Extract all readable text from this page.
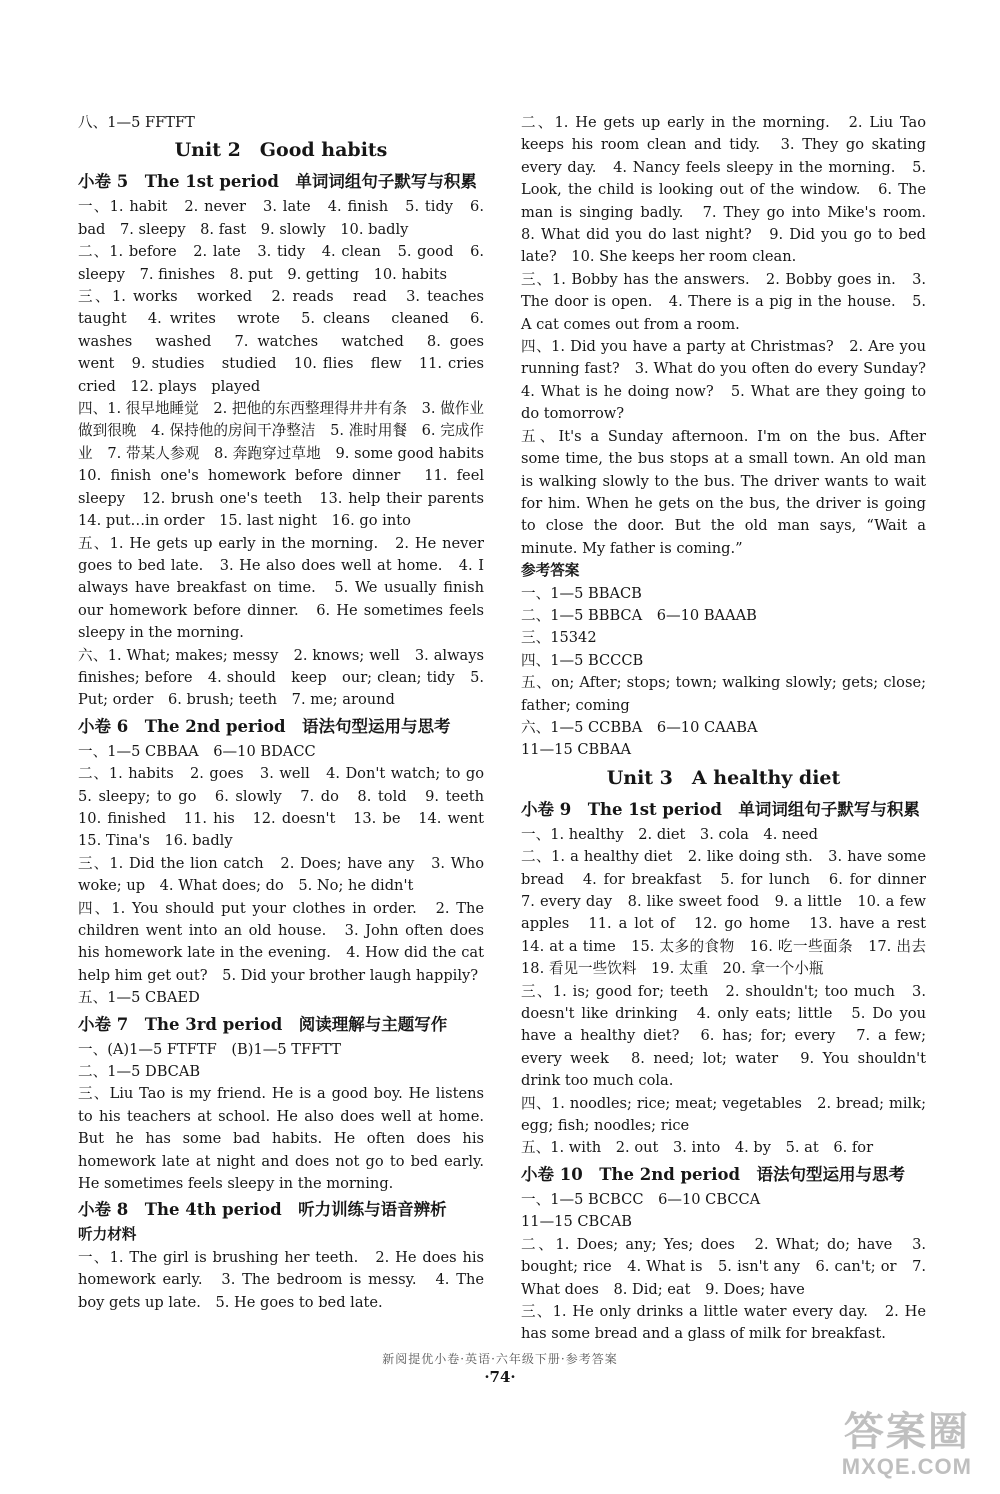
八、1—5 FFTFT

Unit 2　Good habits
小卷 5　The 1st period　单词词组句子默写与积累

一、1. habit　2. never　3. late　4. finish　5. tidy　6. bad　7. sleepy　8. fast　9. slowly　10. badly

二、1. before　2. late　3. tidy　4. clean　5. good　6. sleepy　7. finishes　8. put　9. getting　10. habits

三、1. works　worked　2. reads　read　3. teaches　taught　4. writes　wrote　5. cleans　cleaned　6. washes　washed　7. watches　watched　8. goes　went　9. studies　studied　10. flies　flew　11. cries　cried　12. plays　played

四、1. 很早地睡觉　2. 把他的东西整理得井井有条　3. 做作业做到很晚　4. 保持他的房间干净整洁　5. 准时用餐　6. 完成作业　7. 带某人参观　8. 奔跑穿过草地　9. some good habits　10. finish one's homework before dinner　11. feel sleepy　12. brush one's teeth　13. help their parents　14. put…in order　15. last night　16. go into

五、1. He gets up early in the morning.　2. He never goes to bed late.　3. He also does well at home.　4. I always have breakfast on time.　5. We usually finish our homework before dinner.　6. He sometimes feels sleepy in the morning.

六、1. What; makes; messy　2. knows; well　3. always　finishes; before　4. should　keep　our; clean; tidy　5. Put; order　6. brush; teeth　7. me; around

小卷 6　The 2nd period　语法句型运用与思考

一、1—5 CBBAA　6—10 BDACC

二、1. habits　2. goes　3. well　4. Don't watch; to go　5. sleepy; to go　6. slowly　7. do　8. told　9. teeth　10. finished　11. his　12. doesn't　13. be　14. went　15. Tina's　16. badly

三、1. Did the lion catch　2. Does; have any　3. Who woke; up　4. What does; do　5. No; he didn't

四、1. You should put your clothes in order.　2. The children went into an old house.　3. John often does his homework late in the evening.　4. How did the cat help him get out?　5. Did your brother laugh happily?

五、1—5 CBAED

小卷 7　The 3rd period　阅读理解与主题写作

一、(A)1—5 FTFTF　(B)1—5 TFFTT

二、1—5 DBCAB

三、Liu Tao is my friend. He is a good boy. He listens to his teachers at school. He also does well at home. But he has some bad habits. He often does his homework late at night and does not go to bed early. He sometimes feels sleepy in the morning.

小卷 8　The 4th period　听力训练与语音辨析

听力材料

一、1. The girl is brushing her teeth.　2. He does his homework early.　3. The bedroom is messy.　4. The boy gets up late.　5. He goes to bed late.

二、1. He gets up early in the morning.　2. Liu Tao keeps his room clean and tidy.　3. They go skating every day.　4. Nancy feels sleepy in the morning.　5. Look, the child is looking out of the window.　6. The man is singing badly.　7. They go into Mike's room.　8. What did you do last night?　9. Did you go to bed late?　10. She keeps her room clean.

三、1. Bobby has the answers.　2. Bobby goes in.　3. The door is open.　4. There is a pig in the house.　5. A cat comes out from a room.

四、1. Did you have a party at Christmas?　2. Are you running fast?　3. What do you often do every Sunday?　4. What is he doing now?　5. What are they going to do tomorrow?

五、It's a Sunday afternoon. I'm on the bus. After some time, the bus stops at a small town. An old man is walking slowly to the bus. The driver wants to wait for him. When he gets on the bus, the driver is going to close the door. But the old man says, “Wait a minute. My father is coming.”

参考答案

一、1—5 BBACB

二、1—5 BBBCA　6—10 BAAAB

三、15342

四、1—5 BCCCB

五、on; After; stops; town; walking slowly; gets; close; father; coming

六、1—5 CCBBA　6—10 CAABA

11—15 CBBAA

Unit 3　A healthy diet
小卷 9　The 1st period　单词词组句子默写与积累

一、1. healthy　2. diet　3. cola　4. need

二、1. a healthy diet　2. like doing sth.　3. have some bread　4. for breakfast　5. for lunch　6. for dinner　7. every day　8. like sweet food　9. a little　10. a few apples　11. a lot of　12. go home　13. have a rest　14. at a time　15. 太多的食物　16. 吃一些面条　17. 出去　18. 看见一些饮料　19. 太重　20. 拿一个小瓶

三、1. is; good for; teeth　2. shouldn't; too much　3. doesn't like drinking　4. only eats; little　5. Do you have a healthy diet?　6. has; for; every　7. a few; every week　8. need; lot; water　9. You shouldn't drink too much cola.

四、1. noodles; rice; meat; vegetables　2. bread; milk; egg; fish; noodles; rice

五、1. with　2. out　3. into　4. by　5. at　6. for

小卷 10　The 2nd period　语法句型运用与思考

一、1—5 BCBCC　6—10 CBCCA

11—15 CBCAB

二、1. Does; any; Yes; does　2. What; do; have　3. bought; rice　4. What is　5. isn't any　6. can't; or　7. What does　8. Did; eat　9. Does; have

三、1. He only drinks a little water every day.　2. He has some bread and a glass of milk for breakfast.

新阅提优小卷·英语·六年级下册·参考答案
·74·
答案圈
MXQE.COM
